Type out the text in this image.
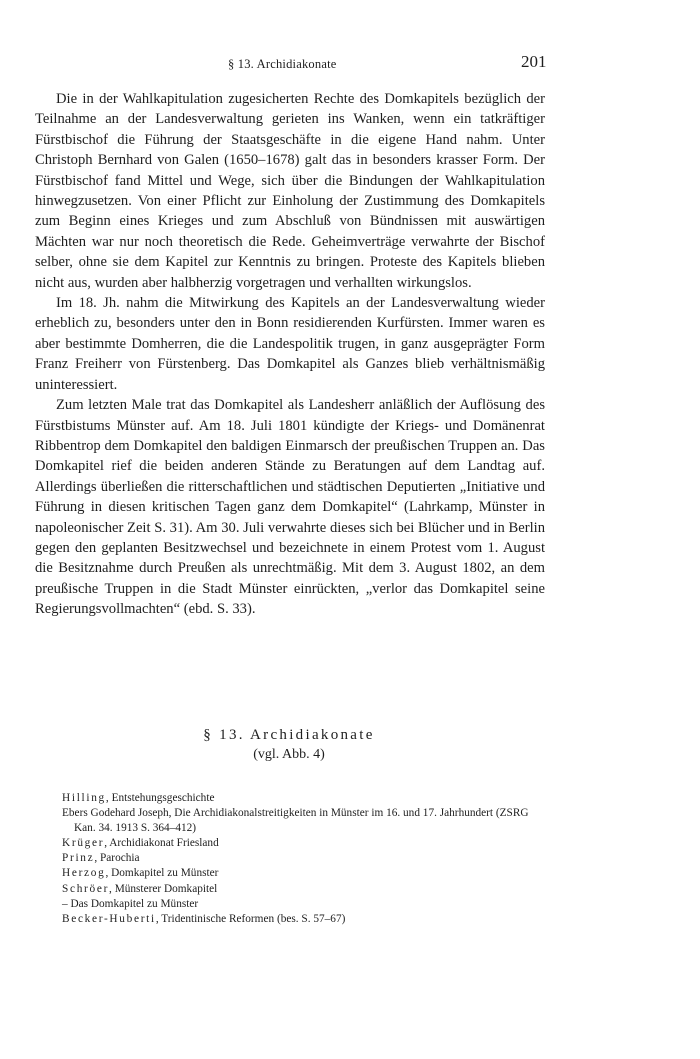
§ 13. Archidiakonate	201

Die in der Wahlkapitulation zugesicherten Rechte des Domkapitels bezüglich der Teilnahme an der Landesverwaltung gerieten ins Wanken, wenn ein tatkräftiger Fürstbischof die Führung der Staatsgeschäfte in die eigene Hand nahm. Unter Christoph Bernhard von Galen (1650–1678) galt das in besonders krasser Form. Der Fürstbischof fand Mittel und Wege, sich über die Bindungen der Wahlkapitulation hinwegzusetzen. Von einer Pflicht zur Einholung der Zustimmung des Domkapitels zum Beginn eines Krieges und zum Abschluß von Bündnissen mit auswärtigen Mächten war nur noch theoretisch die Rede. Geheimverträge verwahrte der Bischof selber, ohne sie dem Kapitel zur Kenntnis zu bringen. Proteste des Kapitels blieben nicht aus, wurden aber halbherzig vorgetragen und verhallten wirkungslos.

Im 18. Jh. nahm die Mitwirkung des Kapitels an der Landesverwaltung wieder erheblich zu, besonders unter den in Bonn residierenden Kurfürsten. Immer waren es aber bestimmte Domherren, die die Landespolitik trugen, in ganz ausgeprägter Form Franz Freiherr von Fürstenberg. Das Domkapitel als Ganzes blieb verhältnismäßig uninteressiert.

Zum letzten Male trat das Domkapitel als Landesherr anläßlich der Auflösung des Fürstbistums Münster auf. Am 18. Juli 1801 kündigte der Kriegs- und Domänenrat Ribbentrop dem Domkapitel den baldigen Einmarsch der preußischen Truppen an. Das Domkapitel rief die beiden anderen Stände zu Beratungen auf dem Landtag auf. Allerdings überließen die ritterschaftlichen und städtischen Deputierten „Initiative und Führung in diesen kritischen Tagen ganz dem Domkapitel“ (Lahrkamp, Münster in napoleonischer Zeit S. 31). Am 30. Juli verwahrte dieses sich bei Blücher und in Berlin gegen den geplanten Besitzwechsel und bezeichnete in einem Protest vom 1. August die Besitznahme durch Preußen als unrechtmäßig. Mit dem 3. August 1802, an dem preußische Truppen in die Stadt Münster einrückten, „verlor das Domkapitel seine Regierungsvollmachten“ (ebd. S. 33).

§ 13. Archidiakonate
(vgl. Abb. 4)
Hilling, Entstehungsgeschichte
Ebers Godehard Joseph, Die Archidiakonalstreitigkeiten in Münster im 16. und 17. Jahrhundert (ZSRG Kan. 34. 1913 S. 364–412)
Krüger, Archidiakonat Friesland
Prinz, Parochia
Herzog, Domkapitel zu Münster
Schröer, Münsterer Domkapitel
– Das Domkapitel zu Münster
Becker-Huberti, Tridentinische Reformen (bes. S. 57–67)
